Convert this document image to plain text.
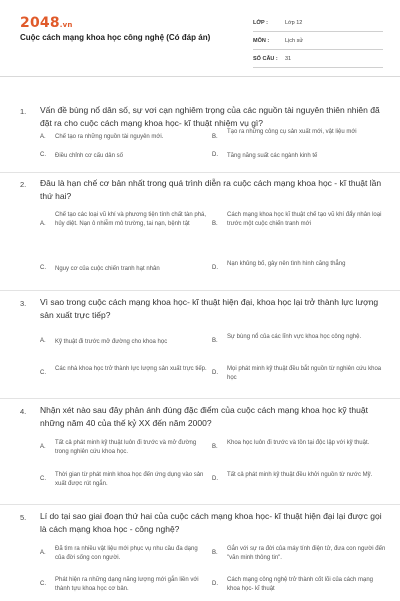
2048.vn
Cuộc cách mạng khoa học công nghệ (Có đáp án)
LỚP :	Lớp 12
MÔN :	Lịch sử
SỐ CÂU :	31
1. Vấn đề bùng nổ dân số, sự vơi cạn nghiêm trọng của các nguồn tài nguyên thiên nhiên đã đặt ra cho cuộc cách mạng khoa học- kĩ thuật nhiệm vụ gì?
A. Chế tạo ra những nguồn tài nguyên mới.	B.
Tạo ra những công cụ sản xuất mới, vật liệu mới
C. Điều chỉnh cơ cấu dân số	D. Tăng năng suất các ngành kinh tế
2. Đâu là hạn chế cơ bản nhất trong quá trình diễn ra cuộc cách mạng khoa học - kĩ thuật lần thứ hai?
A.
Chế tạo các loại vũ khí và phương tiện tính chất tàn phá, hủy diệt. Nạn ô nhiễm mô trường, tai nạn, bệnh tật	B.
Cách mạng khoa học kĩ thuật chế tạo vũ khí đẩy nhân loại trước một cuộc chiến tranh mới
C. Nguy cơ của cuộc chiến tranh hạt nhân	D.
Nạn khủng bố, gây nên tình hình căng thẳng
3. Vì sao trong cuộc cách mạng khoa học- kĩ thuật hiện đại, khoa học lại trở thành lực lượng sản xuất trực tiếp?
A. Kỹ thuật đi trước mở đường cho khoa học	B.
Sự bùng nổ của các lĩnh vực khoa học công nghệ.
C.
Các nhà khoa học trở thành lực lượng sản xuất trực tiếp.
D.
Mọi phát minh kỹ thuật đều bắt nguồn từ nghiên cứu khoa học
4. Nhận xét nào sau đây phản ánh đúng đặc điểm của cuộc cách mạng khoa học kỹ thuật những năm 40 của thế kỷ XX đến năm 2000?
A.
Tất cả phát minh kỹ thuật luôn đi trước và mở đường trong nghiên cứu khoa học.
B.
Khoa học luôn đi trước và tồn tại độc lập với kỹ thuật.
C.
Thời gian từ phát minh khoa học đến ứng dụng vào sản xuất được rút ngắn.
D.
Tất cả phát minh kỹ thuật đều khởi nguồn từ nước Mỹ.
5. Lí do tại sao giai đoạn thứ hai của cuộc cách mạng khoa học- kĩ thuật hiện đại lại được gọi là cách mạng khoa học - công nghệ?
A.
Đã tìm ra nhiều vật liệu mới phục vụ nhu cầu đa dạng của đời sống con người.
B.
Gắn với sự ra đời của máy tính điện tử, đưa con người đến "văn minh thông tin".
C.
Phát hiện ra những dạng năng lượng mới gắn liền với thành tựu khoa học cơ bản.
D.
Cách mạng công nghệ trở thành cốt lõi của cách mạng khoa học- kĩ thuật
